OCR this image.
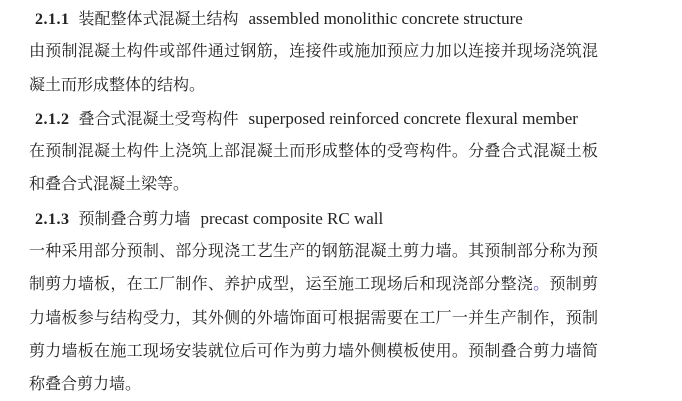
2.1.1 装配整体式混凝土结构 assembled monolithic concrete structure
由预制混凝土构件或部件通过钢筋，连接件或施加预应力加以连接并现场浇筑混
凝土而形成整体的结构。
2.1.2 叠合式混凝土受弯构件 superposed reinforced concrete flexural member
在预制混凝土构件上浇筑上部混凝土而形成整体的受弯构件。分叠合式混凝土板
和叠合式混凝土梁等。
2.1.3 预制叠合剪力墙 precast composite RC wall
一种采用部分预制、部分现浇工艺生产的钢筋混凝土剪力墙。其预制部分称为预
制剪力墙板，在工厂制作、养护成型，运至施工现场后和现浇部分整浇。预制剪
力墙板参与结构受力，其外侧的外墙饰面可根据需要在工厂一并生产制作，预制
剪力墙板在施工现场安装就位后可作为剪力墙外侧模板使用。预制叠合剪力墙简
称叠合剪力墙。
